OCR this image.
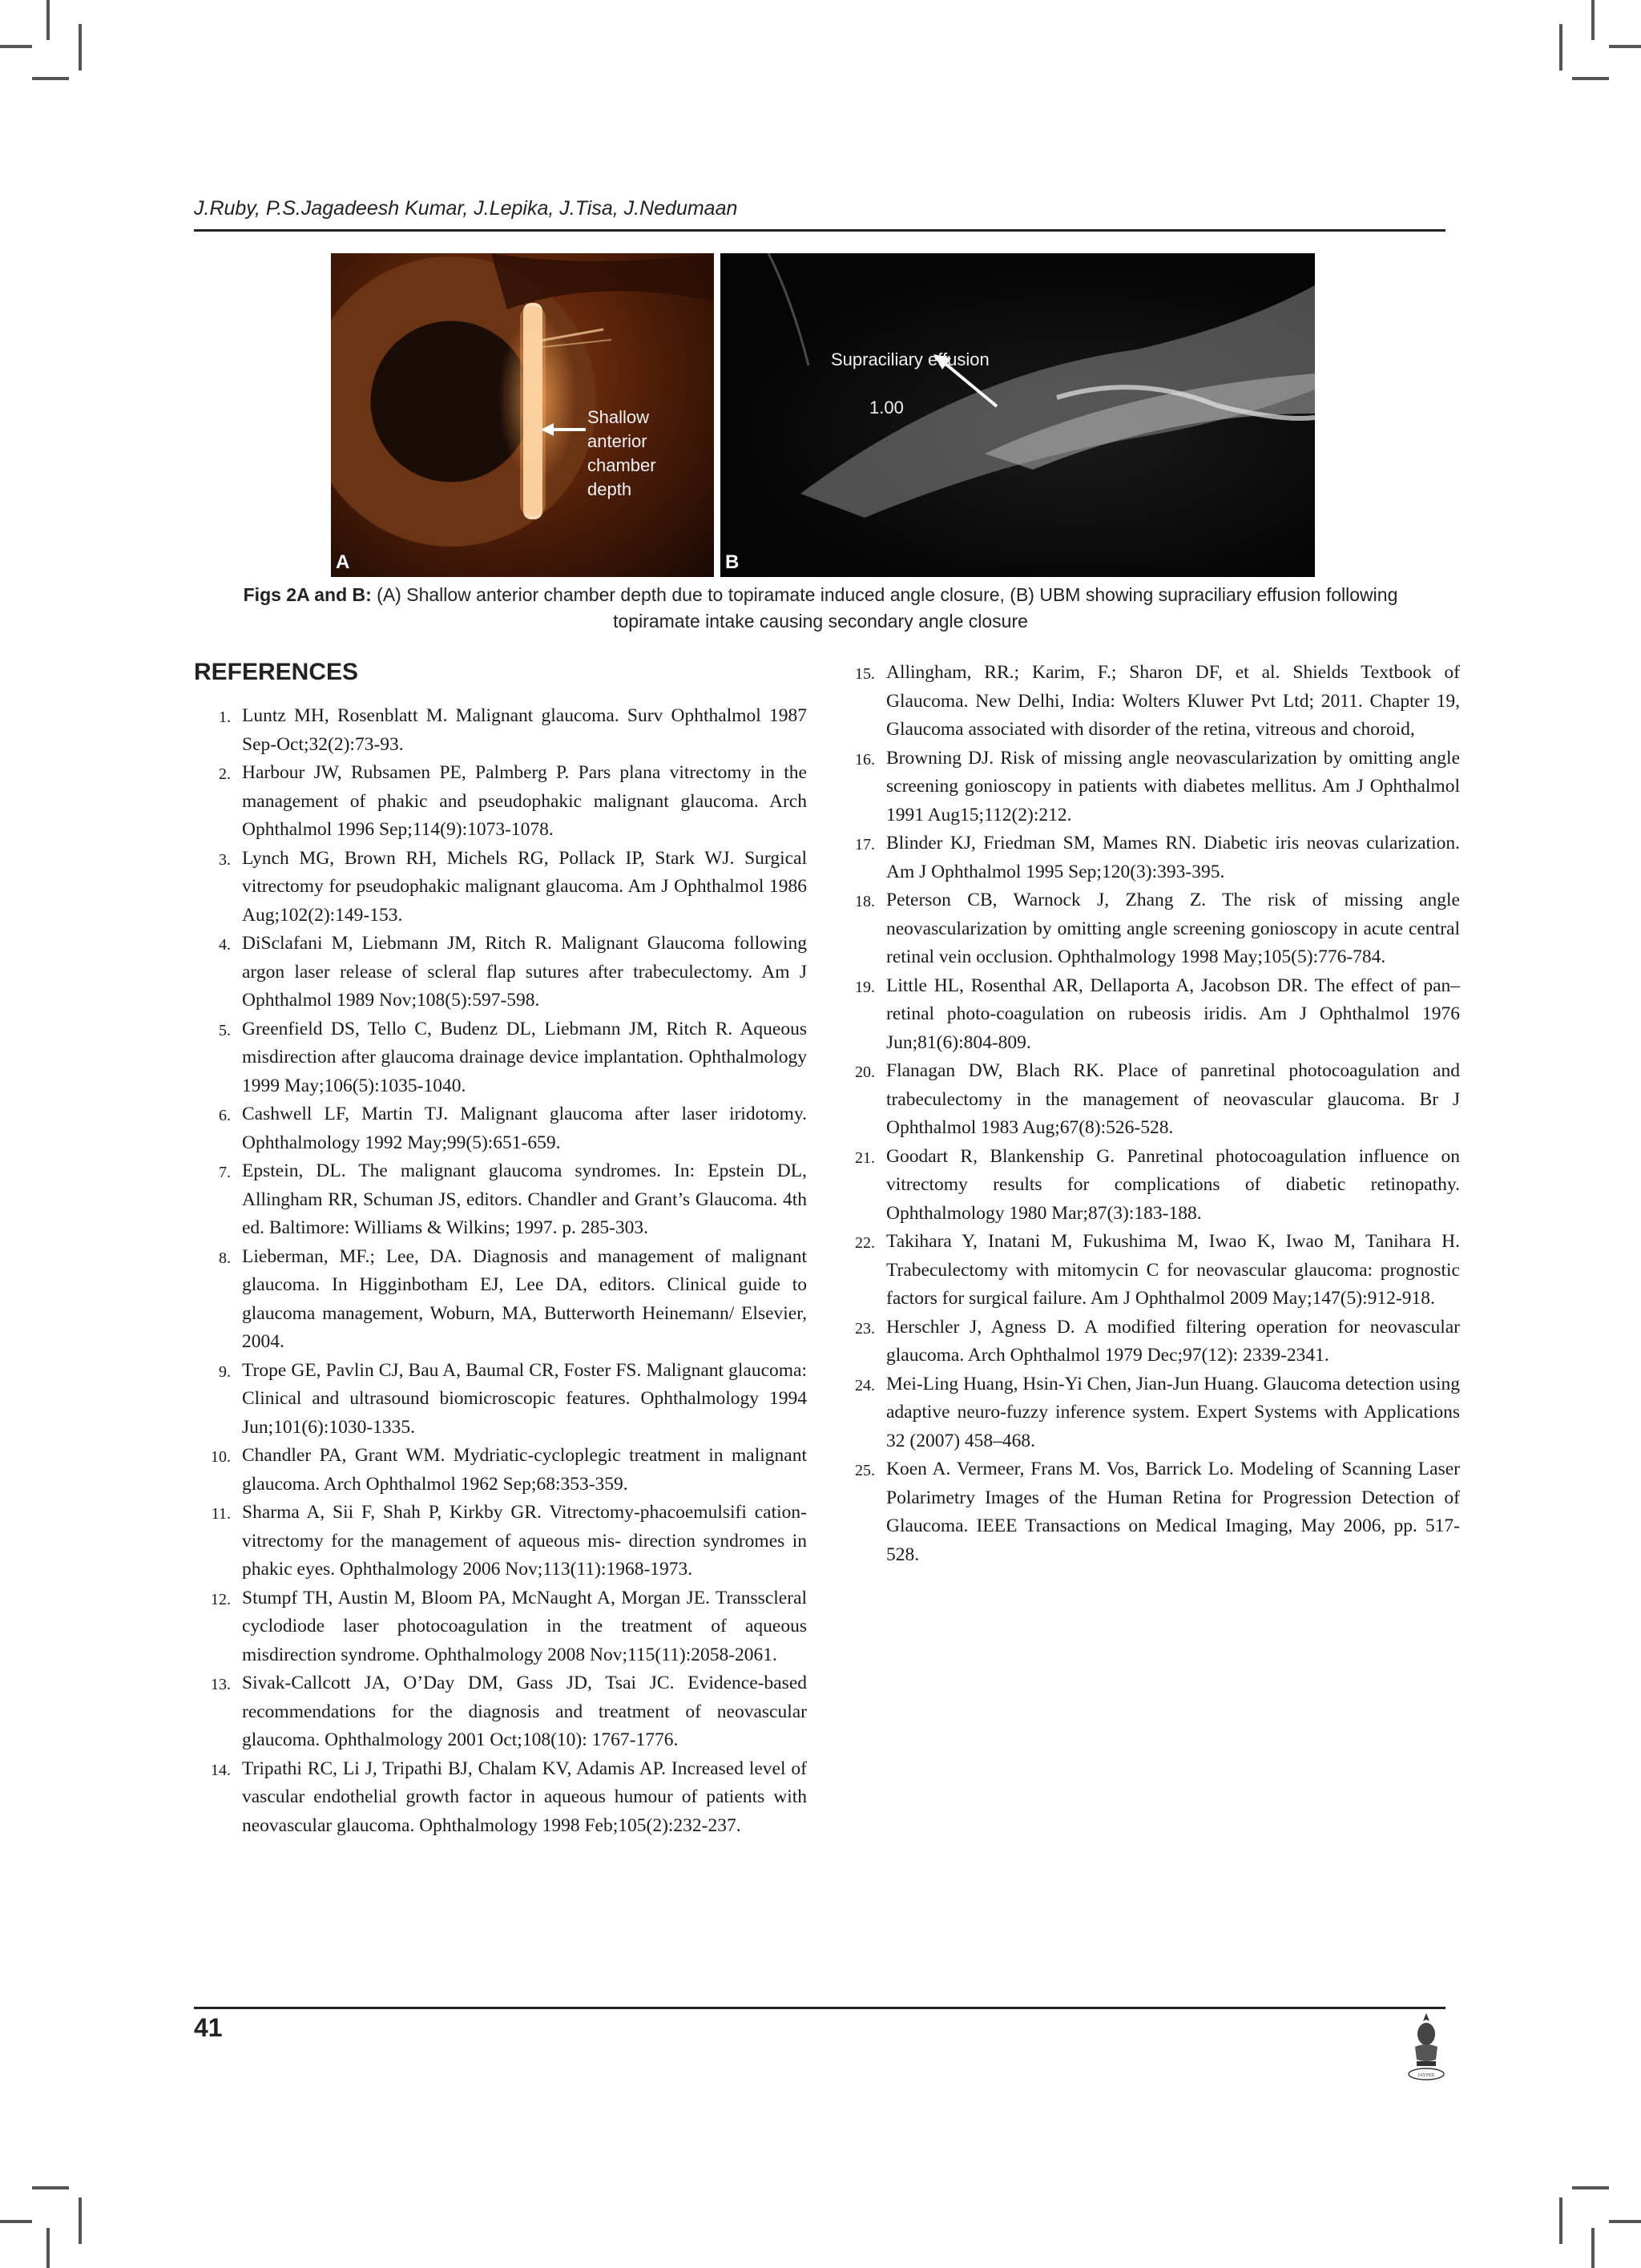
J.Ruby, P.S.Jagadeesh Kumar, J.Lepika, J.Tisa, J.Nedumaan
Shallow
anterior
chamber
depth
A
Supraciliary effusion
1.00
B
Figs 2A and B: (A) Shallow anterior chamber depth due to topiramate induced angle closure, (B) UBM showing supraciliary effusion following topiramate intake causing secondary angle closure
REFERENCES
1. Luntz MH, Rosenblatt M. Malignant glaucoma. Surv Ophthalmol 1987 Sep-Oct;32(2):73-93.
2. Harbour JW, Rubsamen PE, Palmberg P. Pars plana vitrectomy in the management of phakic and pseudophakic malignant glaucoma. Arch Ophthalmol 1996 Sep;114(9):1073-1078.
3. Lynch MG, Brown RH, Michels RG, Pollack IP, Stark WJ. Surgical vitrectomy for pseudophakic malignant glaucoma. Am J Ophthalmol 1986 Aug;102(2):149-153.
4. DiSclafani M, Liebmann JM, Ritch R. Malignant Glaucoma following argon laser release of scleral flap sutures after trabeculectomy. Am J Ophthalmol 1989 Nov;108(5):597-598.
5. Greenfield DS, Tello C, Budenz DL, Liebmann JM, Ritch R. Aqueous misdirection after glaucoma drainage device implantation. Ophthalmology 1999 May;106(5):1035-1040.
6. Cashwell LF, Martin TJ. Malignant glaucoma after laser iridotomy. Ophthalmology 1992 May;99(5):651-659.
7. Epstein, DL. The malignant glaucoma syndromes. In: Epstein DL, Allingham RR, Schuman JS, editors. Chandler and Grant’s Glaucoma. 4th ed. Baltimore: Williams & Wilkins; 1997. p. 285-303.
8. Lieberman, MF.; Lee, DA. Diagnosis and management of malignant glaucoma. In Higginbotham EJ, Lee DA, editors. Clinical guide to glaucoma management, Woburn, MA, Butterworth Heinemann/ Elsevier, 2004.
9. Trope GE, Pavlin CJ, Bau A, Baumal CR, Foster FS. Malignant glaucoma: Clinical and ultrasound biomicroscopic features. Ophthalmology 1994 Jun;101(6):1030-1335.
10. Chandler PA, Grant WM. Mydriatic-cycloplegic treatment in malignant glaucoma. Arch Ophthalmol 1962 Sep;68:353-359.
11. Sharma A, Sii F, Shah P, Kirkby GR. Vitrectomy-phacoemulsifi cation-vitrectomy for the management of aqueous mis- direction syndromes in phakic eyes. Ophthalmology 2006 Nov;113(11):1968-1973.
12. Stumpf TH, Austin M, Bloom PA, McNaught A, Morgan JE. Transscleral cyclodiode laser photocoagulation in the treatment of aqueous misdirection syndrome. Ophthalmology 2008 Nov;115(11):2058-2061.
13. Sivak-Callcott JA, O’Day DM, Gass JD, Tsai JC. Evidence-based recommendations for the diagnosis and treatment of neovascular glaucoma. Ophthalmology 2001 Oct;108(10): 1767-1776.
14. Tripathi RC, Li J, Tripathi BJ, Chalam KV, Adamis AP. Increased level of vascular endothelial growth factor in aqueous humour of patients with neovascular glaucoma. Ophthalmology 1998 Feb;105(2):232-237.
15. Allingham, RR.; Karim, F.; Sharon DF, et al. Shields Textbook of Glaucoma. New Delhi, India: Wolters Kluwer Pvt Ltd; 2011. Chapter 19, Glaucoma associated with disorder of the retina, vitreous and choroid,
16. Browning DJ. Risk of missing angle neovascularization by omitting angle screening gonioscopy in patients with diabetes mellitus. Am J Ophthalmol 1991 Aug15;112(2):212.
17. Blinder KJ, Friedman SM, Mames RN. Diabetic iris neovas cularization. Am J Ophthalmol 1995 Sep;120(3):393-395.
18. Peterson CB, Warnock J, Zhang Z. The risk of missing angle neovascularization by omitting angle screening gonioscopy in acute central retinal vein occlusion. Ophthalmology 1998 May;105(5):776-784.
19. Little HL, Rosenthal AR, Dellaporta A, Jacobson DR. The effect of pan–retinal photo-coagulation on rubeosis iridis. Am J Ophthalmol 1976 Jun;81(6):804-809.
20. Flanagan DW, Blach RK. Place of panretinal photocoagulation and trabeculectomy in the management of neovascular glaucoma. Br J Ophthalmol 1983 Aug;67(8):526-528.
21. Goodart R, Blankenship G. Panretinal photocoagulation influence on vitrectomy results for complications of diabetic retinopathy. Ophthalmology 1980 Mar;87(3):183-188.
22. Takihara Y, Inatani M, Fukushima M, Iwao K, Iwao M, Tanihara H. Trabeculectomy with mitomycin C for neovascular glaucoma: prognostic factors for surgical failure. Am J Ophthalmol 2009 May;147(5):912-918.
23. Herschler J, Agness D. A modified filtering operation for neovascular glaucoma. Arch Ophthalmol 1979 Dec;97(12): 2339-2341.
24. Mei-Ling Huang, Hsin-Yi Chen, Jian-Jun Huang. Glaucoma detection using adaptive neuro-fuzzy inference system. Expert Systems with Applications 32 (2007) 458–468.
25. Koen A. Vermeer, Frans M. Vos, Barrick Lo. Modeling of Scanning Laser Polarimetry Images of the Human Retina for Progression Detection of Glaucoma. IEEE Transactions on Medical Imaging, May 2006, pp. 517-528.
41
JAYPEE
